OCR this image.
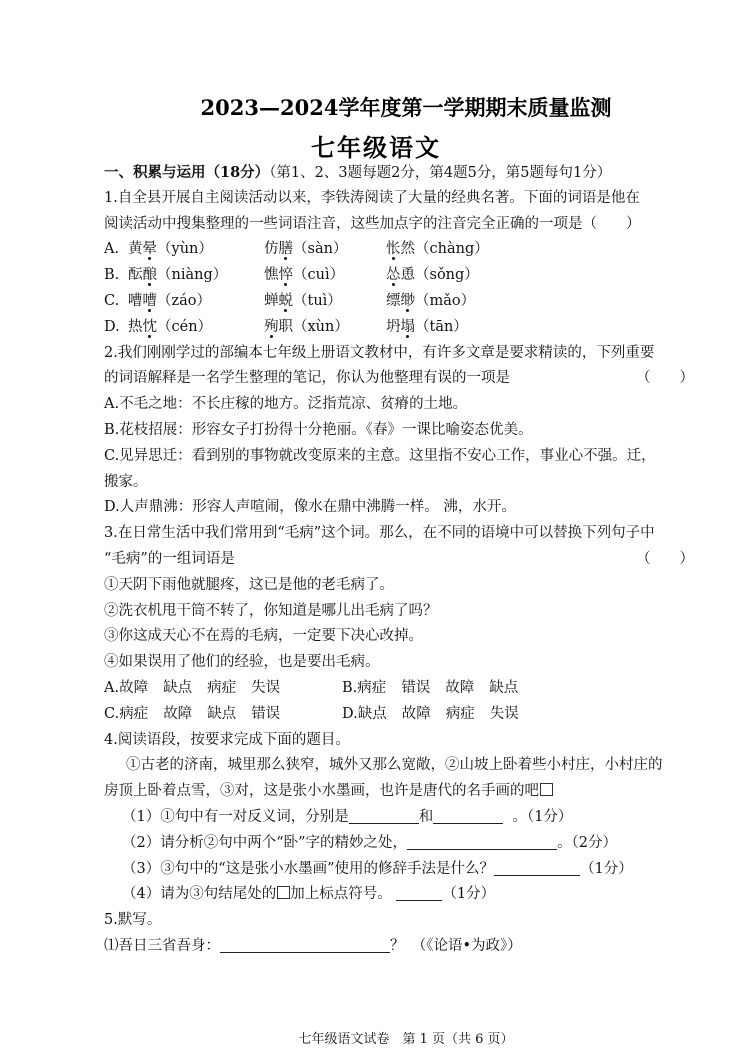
2023—2024学年度第一学期期末质量监测
七年级语文
一、积累与运用（18分）（第1、2、3题每题2分，第4题5分，第5题每句1分）
1.自全县开展自主阅读活动以来，李铁涛阅读了大量的经典名著。下面的词语是他在
阅读活动中搜集整理的一些词语注音，这些加点字的注音完全正确的一项是（　　）
A. 黄晕（yùn）	仿膳（sàn）	怅然（chàng）
B. 酝酿（niàng）	憔悴（cuì）	怂恿（sǒng）
C. 嘈嘈（záo）	蝉蜕（tuì）	缥缈（mǎo）
D. 热忱（cén）	殉职（xùn）	坍塌（tān）
2.我们刚刚学过的部编本七年级上册语文教材中，有许多文章是要求精读的，下列重要
的词语解释是一名学生整理的笔记，你认为他整理有误的一项是	（　　）
A.不毛之地：不长庄稼的地方。泛指荒凉、贫瘠的土地。
B.花枝招展：形容女子打扮得十分艳丽。《春》一课比喻姿态优美。
C.见异思迁：看到别的事物就改变原来的主意。这里指不安心工作，事业心不强。迁，
搬家。
D.人声鼎沸：形容人声喧闹，像水在鼎中沸腾一样。 沸，水开。
3.在日常生活中我们常用到“毛病”这个词。那么，在不同的语境中可以替换下列句子中
“毛病”的一组词语是	（　　）
①天阴下雨他就腿疼，这已是他的老毛病了。
②洗衣机甩干筒不转了，你知道是哪儿出毛病了吗？
③你这成天心不在焉的毛病，一定要下决心改掉。
④如果误用了他们的经验，也是要出毛病。
A.故障 缺点 病症 失误	B.病症 错误 故障 缺点
C.病症 故障 缺点 错误	D.缺点 故障 病症 失误
4.阅读语段，按要求完成下面的题目。
①古老的济南，城里那么狭窄，城外又那么宽敞，②山坡上卧着些小村庄，小村庄的
房顶上卧着点雪，③对，这是张小水墨画，也许是唐代的名手画的吧
（1）①句中有一对反义词，分别是	和	。（1分）
（2）请分析②句中两个“卧”字的精妙之处，	。（2分）
（3）③句中的“这是张小水墨画”使用的修辞手法是什么？	（1分）
（4）请为③句结尾处的 加上标点符号。	（1分）
5.默写。
⑴吾日三省吾身：	？　（《论语•为政》）
七年级语文试卷　第 1 页（共 6 页）
